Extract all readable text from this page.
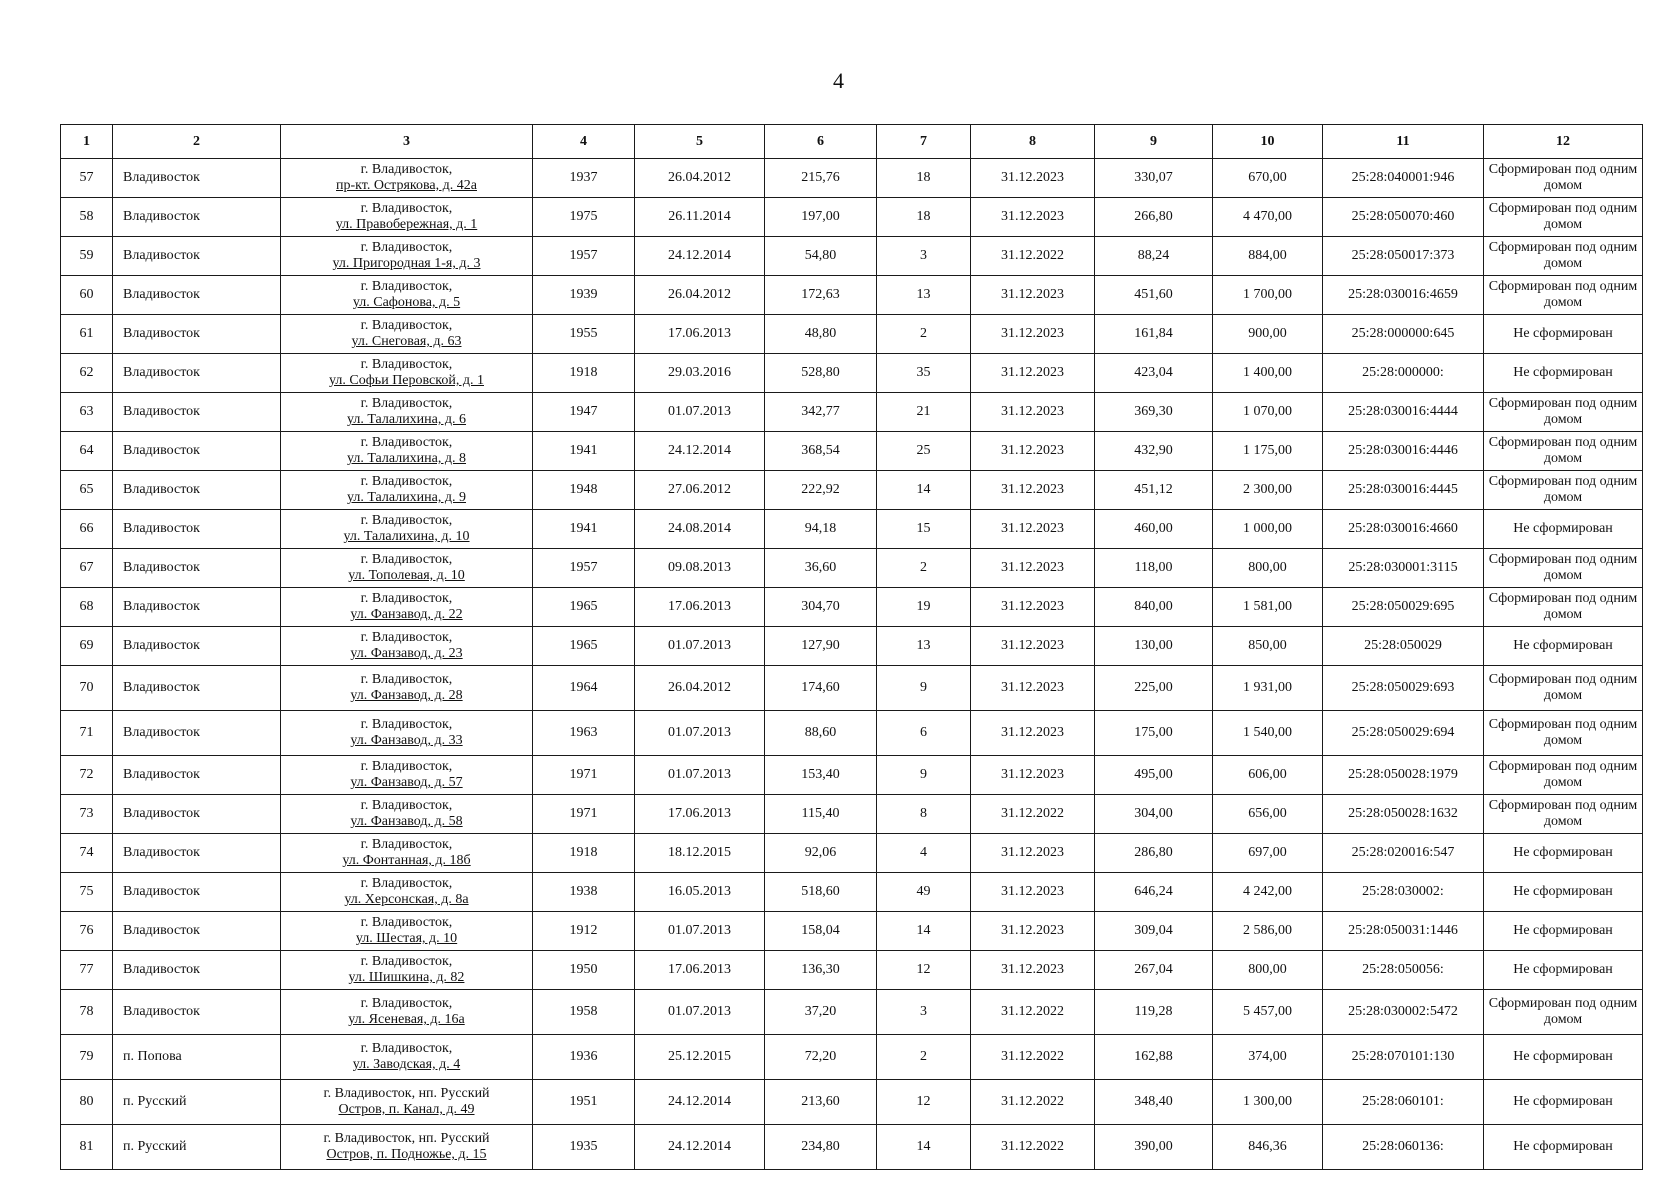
4
1	2	3	4	5	6	7	8	9	10	11	12
57	Владивосток	г. Владивосток,
пр-кт. Острякова, д. 42а	1937	26.04.2012	215,76	18	31.12.2023	330,07	670,00	25:28:040001:946	Сформирован под одним домом
58	Владивосток	г. Владивосток,
ул. Правобережная, д. 1	1975	26.11.2014	197,00	18	31.12.2023	266,80	4 470,00	25:28:050070:460	Сформирован под одним домом
59	Владивосток	г. Владивосток,
ул. Пригородная 1-я, д. 3	1957	24.12.2014	54,80	3	31.12.2022	88,24	884,00	25:28:050017:373	Сформирован под одним домом
60	Владивосток	г. Владивосток,
ул. Сафонова, д. 5	1939	26.04.2012	172,63	13	31.12.2023	451,60	1 700,00	25:28:030016:4659	Сформирован под одним домом
61	Владивосток	г. Владивосток,
ул. Снеговая, д. 63	1955	17.06.2013	48,80	2	31.12.2023	161,84	900,00	25:28:000000:645	Не сформирован
62	Владивосток	г. Владивосток,
ул. Софьи Перовской, д. 1	1918	29.03.2016	528,80	35	31.12.2023	423,04	1 400,00	25:28:000000:	Не сформирован
63	Владивосток	г. Владивосток,
ул. Талалихина, д. 6	1947	01.07.2013	342,77	21	31.12.2023	369,30	1 070,00	25:28:030016:4444	Сформирован под одним домом
64	Владивосток	г. Владивосток,
ул. Талалихина, д. 8	1941	24.12.2014	368,54	25	31.12.2023	432,90	1 175,00	25:28:030016:4446	Сформирован под одним домом
65	Владивосток	г. Владивосток,
ул. Талалихина, д. 9	1948	27.06.2012	222,92	14	31.12.2023	451,12	2 300,00	25:28:030016:4445	Сформирован под одним домом
66	Владивосток	г. Владивосток,
ул. Талалихина, д. 10	1941	24.08.2014	94,18	15	31.12.2023	460,00	1 000,00	25:28:030016:4660	Не сформирован
67	Владивосток	г. Владивосток,
ул. Тополевая, д. 10	1957	09.08.2013	36,60	2	31.12.2023	118,00	800,00	25:28:030001:3115	Сформирован под одним домом
68	Владивосток	г. Владивосток,
ул. Фанзавод, д. 22	1965	17.06.2013	304,70	19	31.12.2023	840,00	1 581,00	25:28:050029:695	Сформирован под одним домом
69	Владивосток	г. Владивосток,
ул. Фанзавод, д. 23	1965	01.07.2013	127,90	13	31.12.2023	130,00	850,00	25:28:050029	Не сформирован
70	Владивосток	г. Владивосток,
ул. Фанзавод, д. 28	1964	26.04.2012	174,60	9	31.12.2023	225,00	1 931,00	25:28:050029:693	Сформирован под одним домом
71	Владивосток	г. Владивосток,
ул. Фанзавод, д. 33	1963	01.07.2013	88,60	6	31.12.2023	175,00	1 540,00	25:28:050029:694	Сформирован под одним домом
72	Владивосток	г. Владивосток,
ул. Фанзавод, д. 57	1971	01.07.2013	153,40	9	31.12.2023	495,00	606,00	25:28:050028:1979	Сформирован под одним домом
73	Владивосток	г. Владивосток,
ул. Фанзавод, д. 58	1971	17.06.2013	115,40	8	31.12.2022	304,00	656,00	25:28:050028:1632	Сформирован под одним домом
74	Владивосток	г. Владивосток,
ул. Фонтанная, д. 18б	1918	18.12.2015	92,06	4	31.12.2023	286,80	697,00	25:28:020016:547	Не сформирован
75	Владивосток	г. Владивосток,
ул. Херсонская, д. 8а	1938	16.05.2013	518,60	49	31.12.2023	646,24	4 242,00	25:28:030002:	Не сформирован
76	Владивосток	г. Владивосток,
ул. Шестая, д. 10	1912	01.07.2013	158,04	14	31.12.2023	309,04	2 586,00	25:28:050031:1446	Не сформирован
77	Владивосток	г. Владивосток,
ул. Шишкина, д. 82	1950	17.06.2013	136,30	12	31.12.2023	267,04	800,00	25:28:050056:	Не сформирован
78	Владивосток	г. Владивосток,
ул. Ясеневая, д. 16а	1958	01.07.2013	37,20	3	31.12.2022	119,28	5 457,00	25:28:030002:5472	Сформирован под одним домом
79	п. Попова	г. Владивосток,
ул. Заводская, д. 4	1936	25.12.2015	72,20	2	31.12.2022	162,88	374,00	25:28:070101:130	Не сформирован
80	п. Русский	г. Владивосток, нп. Русский
Остров, п. Канал, д. 49	1951	24.12.2014	213,60	12	31.12.2022	348,40	1 300,00	25:28:060101:	Не сформирован
81	п. Русский	г. Владивосток, нп. Русский
Остров, п. Подножье, д. 15	1935	24.12.2014	234,80	14	31.12.2022	390,00	846,36	25:28:060136:	Не сформирован
